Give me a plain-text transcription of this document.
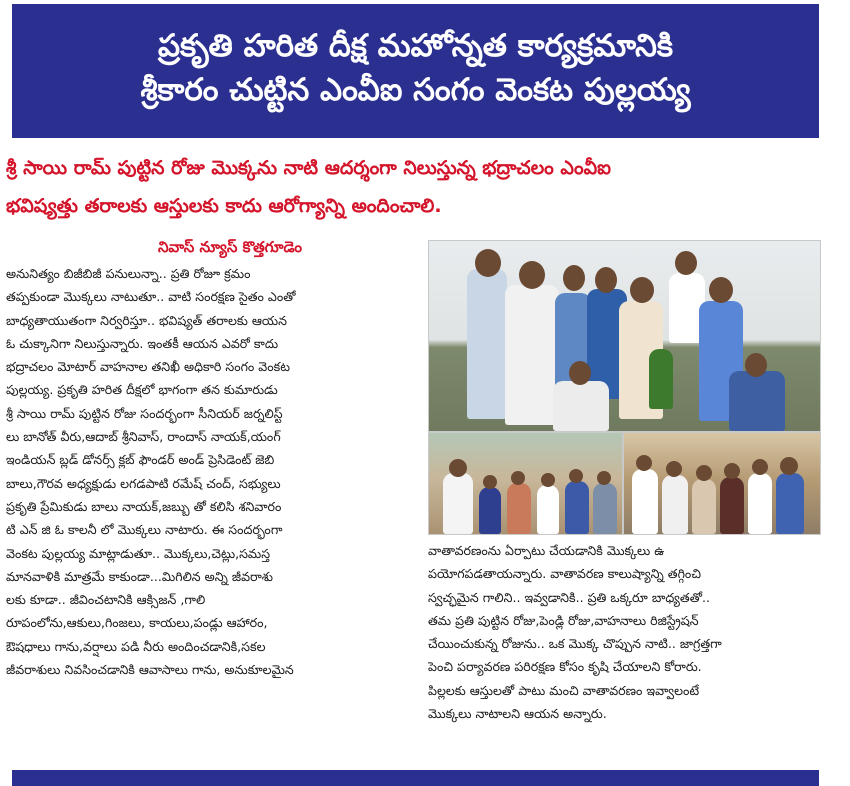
ప్రకృతి హరిత దీక్ష మహోన్నత కార్యక్రమానికి
శ్రీకారం చుట్టిన ఎంవీఐ సంగం వెంకట పుల్లయ్య
శ్రీ సాయి రామ్ పుట్టిన రోజు మొక్కను నాటి ఆదర్శంగా నిలుస్తున్న భద్రాచలం ఎంవీఐ
భవిష్యత్తు తరాలకు ఆస్తులకు కాదు ఆరోగ్యాన్ని అందించాలి.
నివాస్ న్యూస్ కొత్తగూడెం
అనునిత్యం బిజీబిజీ పనులున్నా.. ప్రతి రోజూ క్రమం
తప్పకుండా మొక్కలు నాటుతూ.. వాటి సంరక్షణ సైతం ఎంతో
బాధ్యతాయుతంగా నిర్వరిస్తూ.. భవిష్యత్ తరాలకు ఆయన
ఓ చుక్కానిగా నిలుస్తున్నారు. ఇంతకీ ఆయన ఎవరో కాదు
భద్రాచలం మోటార్ వాహనాల తనిఖీ అధికారి సంగం వెంకట
పుల్లయ్య. ప్రకృతి హరిత దీక్షలో భాగంగా తన కుమారుడు
శ్రీ సాయి రామ్ పుట్టిన రోజు సందర్భంగా సీనియర్ జర్నలిస్ట్
లు బానోత్ వీరు,ఆదాబ్ శ్రీనివాస్, రాందాస్ నాయక్,యంగ్
ఇండియన్ బ్లడ్ డోనర్స్ క్లబ్ ఫౌండర్ అండ్ ప్రెసిడెంట్ జెబి
బాలు,గౌరవ అధ్యక్షుడు లగడపాటి రమేష్ చంద్, సభ్యులు
ప్రకృతి ప్రేమికుడు బాలు నాయక్,జబ్బు తో కలిసి శనివారం
టి ఎన్ జి ఓ కాలనీ లో మొక్కలు నాటారు. ఈ సందర్భంగా
వెంకట పుల్లయ్య మాట్లాడుతూ.. మొక్కలు,చెట్లు,సమస్త
మానవాళికి మాత్రమే కాకుండా...మిగిలిన అన్ని జీవరాశు
లకు కూడా.. జీవించటానికి ఆక్సిజన్ ,గాలి
రూపంలోను,ఆకులు,గింజలు, కాయలు,పండ్లు ఆహారం,
ఔషధాలు గాను,వర్షాలు పడి నీరు అందించడానికి,సకల
జీవరాశులు నివసించడానికి ఆవాసాలు గాను, అనుకూలమైన
వాతావరణంను ఏర్పాటు చేయడానికి మొక్కలు ఉ
పయోగపడతాయన్నారు. వాతావరణ కాలుష్యాన్ని తగ్గించి
స్వచ్ఛమైన గాలిని.. ఇవ్వడానికి.. ప్రతి ఒక్కరూ బాధ్యతతో..
తమ ప్రతి పుట్టిన రోజు,పెండ్లి రోజు,వాహనాలు రిజిస్ట్రేషన్
చేయించుకున్న రోజును.. ఒక మొక్క చొప్పున నాటి.. జాగ్రత్తగా
పెంచి పర్యావరణ పరిరక్షణ కోసం కృషి చేయాలని కోరారు.
పిల్లలకు ఆస్తులతో పాటు మంచి వాతావరణం ఇవ్వాలంటే
మొక్కలు నాటాలని ఆయన అన్నారు.
